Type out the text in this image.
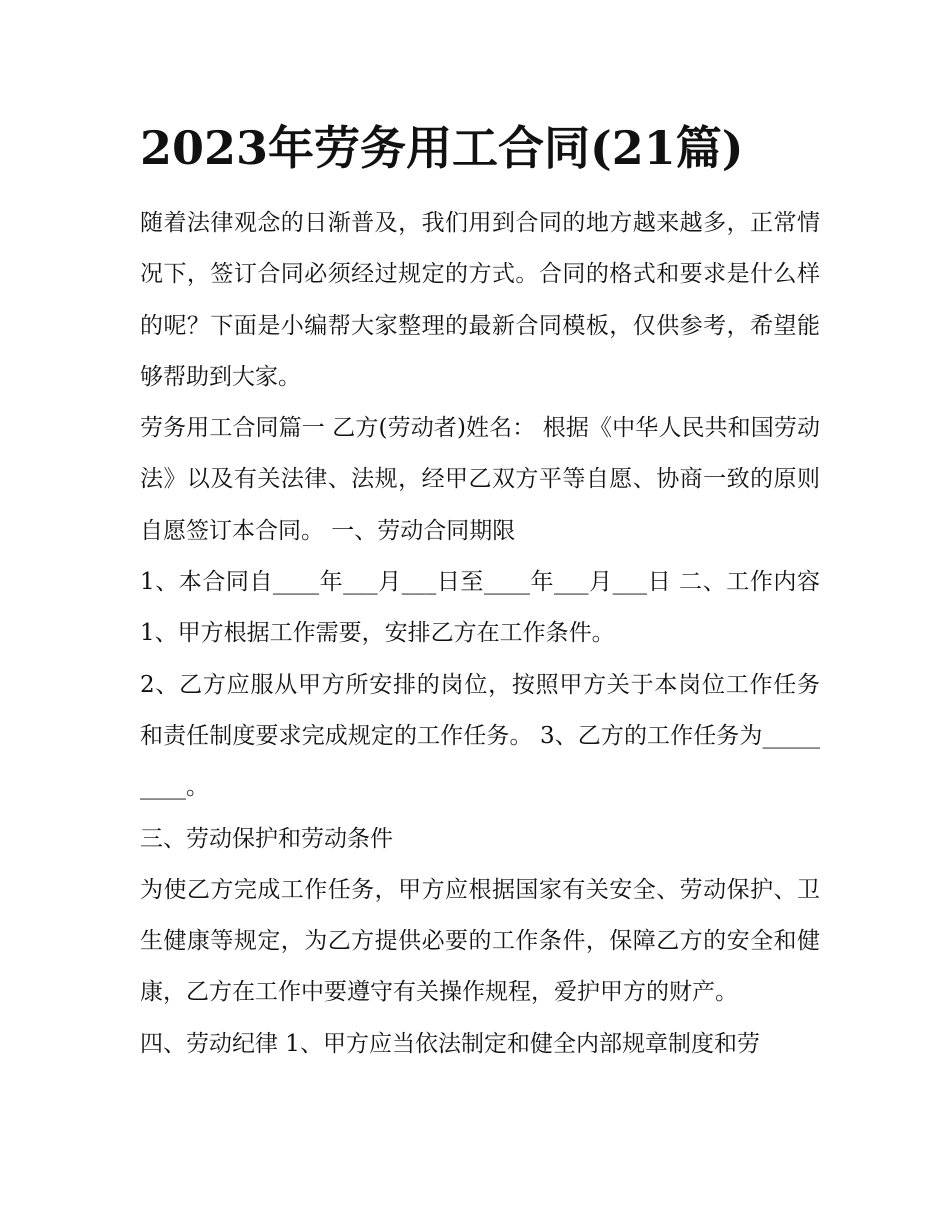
2023年劳务用工合同(21篇)

随着法律观念的日渐普及，我们用到合同的地方越来越多，正常情况下，签订合同必须经过规定的方式。合同的格式和要求是什么样的呢？下面是小编帮大家整理的最新合同模板，仅供参考，希望能够帮助到大家。

劳务用工合同篇一 乙方(劳动者)姓名： 根据《中华人民共和国劳动法》以及有关法律、法规，经甲乙双方平等自愿、协商一致的原则自愿签订本合同。 一、劳动合同期限

1、本合同自____年___月___日至____年___月___日 二、工作内容 1、甲方根据工作需要，安排乙方在工作条件。

2、乙方应服从甲方所安排的岗位，按照甲方关于本岗位工作任务和责任制度要求完成规定的工作任务。 3、乙方的工作任务为_________。

三、劳动保护和劳动条件

为使乙方完成工作任务，甲方应根据国家有关安全、劳动保护、卫生健康等规定，为乙方提供必要的工作条件，保障乙方的安全和健康，乙方在工作中要遵守有关操作规程，爱护甲方的财产。

四、劳动纪律 1、甲方应当依法制定和健全内部规章制度和劳
